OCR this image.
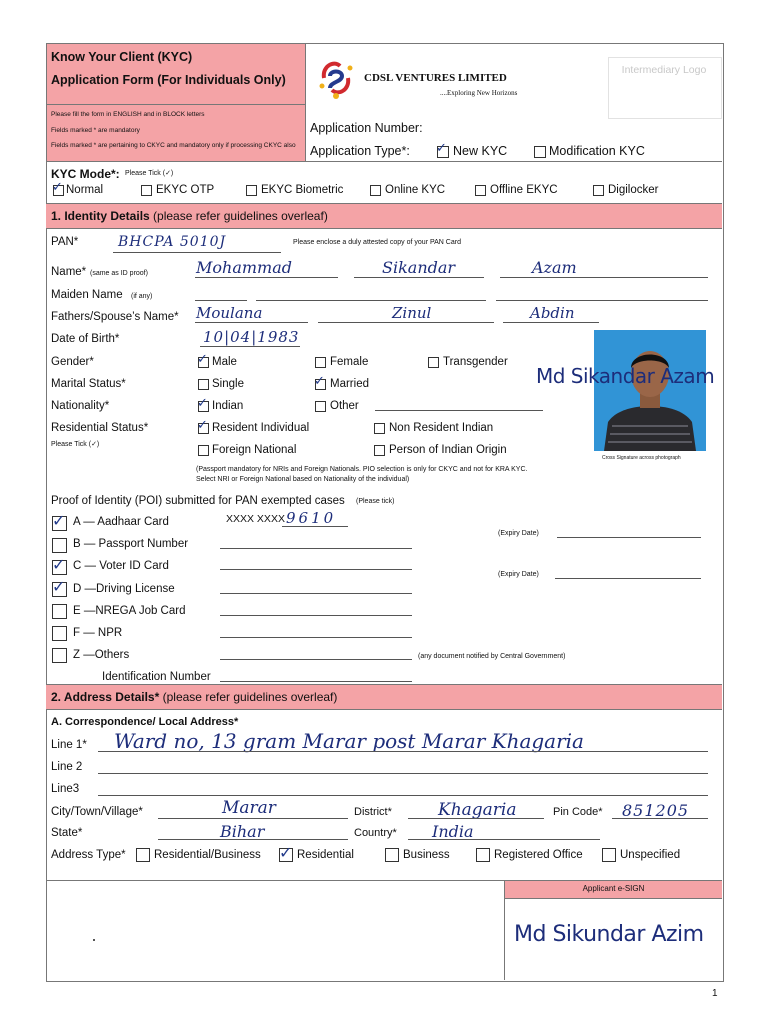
Know Your Client (KYC)
Application Form (For Individuals Only)
Please fill the form in ENGLISH and in BLOCK letters
Fields marked * are mandatory
Fields marked * are pertaining to CKYC and mandatory only if processing CKYC also
CDSL VENTURES LIMITED
....Exploring New Horizons
Intermediary Logo
Application Number:
Application Type*: ✓ New KYC	Modification KYC
KYC Mode*: Please Tick (✓)
✓ Normal	EKYC OTP	EKYC Biometric	Online KYC	Offline EKYC	Digilocker
1. Identity Details (please refer guidelines overleaf)
PAN*	BHCPA 5010J	Please enclose a duly attested copy of your PAN Card
Name* (same as ID proof)	Mohammad	Sikandar	Azam
Maiden Name (if any)
Fathers/Spouse’s Name* Moulana	Zinul	Abdin
Date of Birth*	10|04|1983
Gender*	✓ Male	Female	Transgender
Marital Status*	Single	✓ Married
Nationality*	✓ Indian	Other
Residential Status*
Please Tick (✓)
✓ Resident Individual	Non Resident Indian
Foreign National	Person of Indian Origin
(Passport mandatory for NRIs and Foreign Nationals. PIO selection is only for CKYC and not for KRA KYC.
Select NRI or Foreign National based on Nationality of the individual)
Cross Signature across photograph
Md Sikandar Azam
Proof of Identity (POI) submitted for PAN exempted cases (Please tick)
✓ A — Aadhaar Card	XXXX XXXX 9610
B — Passport Number
(Expiry Date)
✓ C — Voter ID Card
✓ D —Driving License
(Expiry Date)
E —NREGA Job Card
F — NPR
Z —Others	(any document notified by Central Government)
Identification Number
2. Address Details* (please refer guidelines overleaf)
A. Correspondence/ Local Address*
Line 1* Ward no, 13 gram Marar post Marar Khagaria
Line 2
Line3
City/Town/Village*	Marar	District*	Khagaria	Pin Code* 851205
State*	Bihar	Country* India
Address Type* Residential/Business ✓ Residential	Business	Registered Office	Unspecified
Applicant e-SIGN
Md Sikundar Azim
1
